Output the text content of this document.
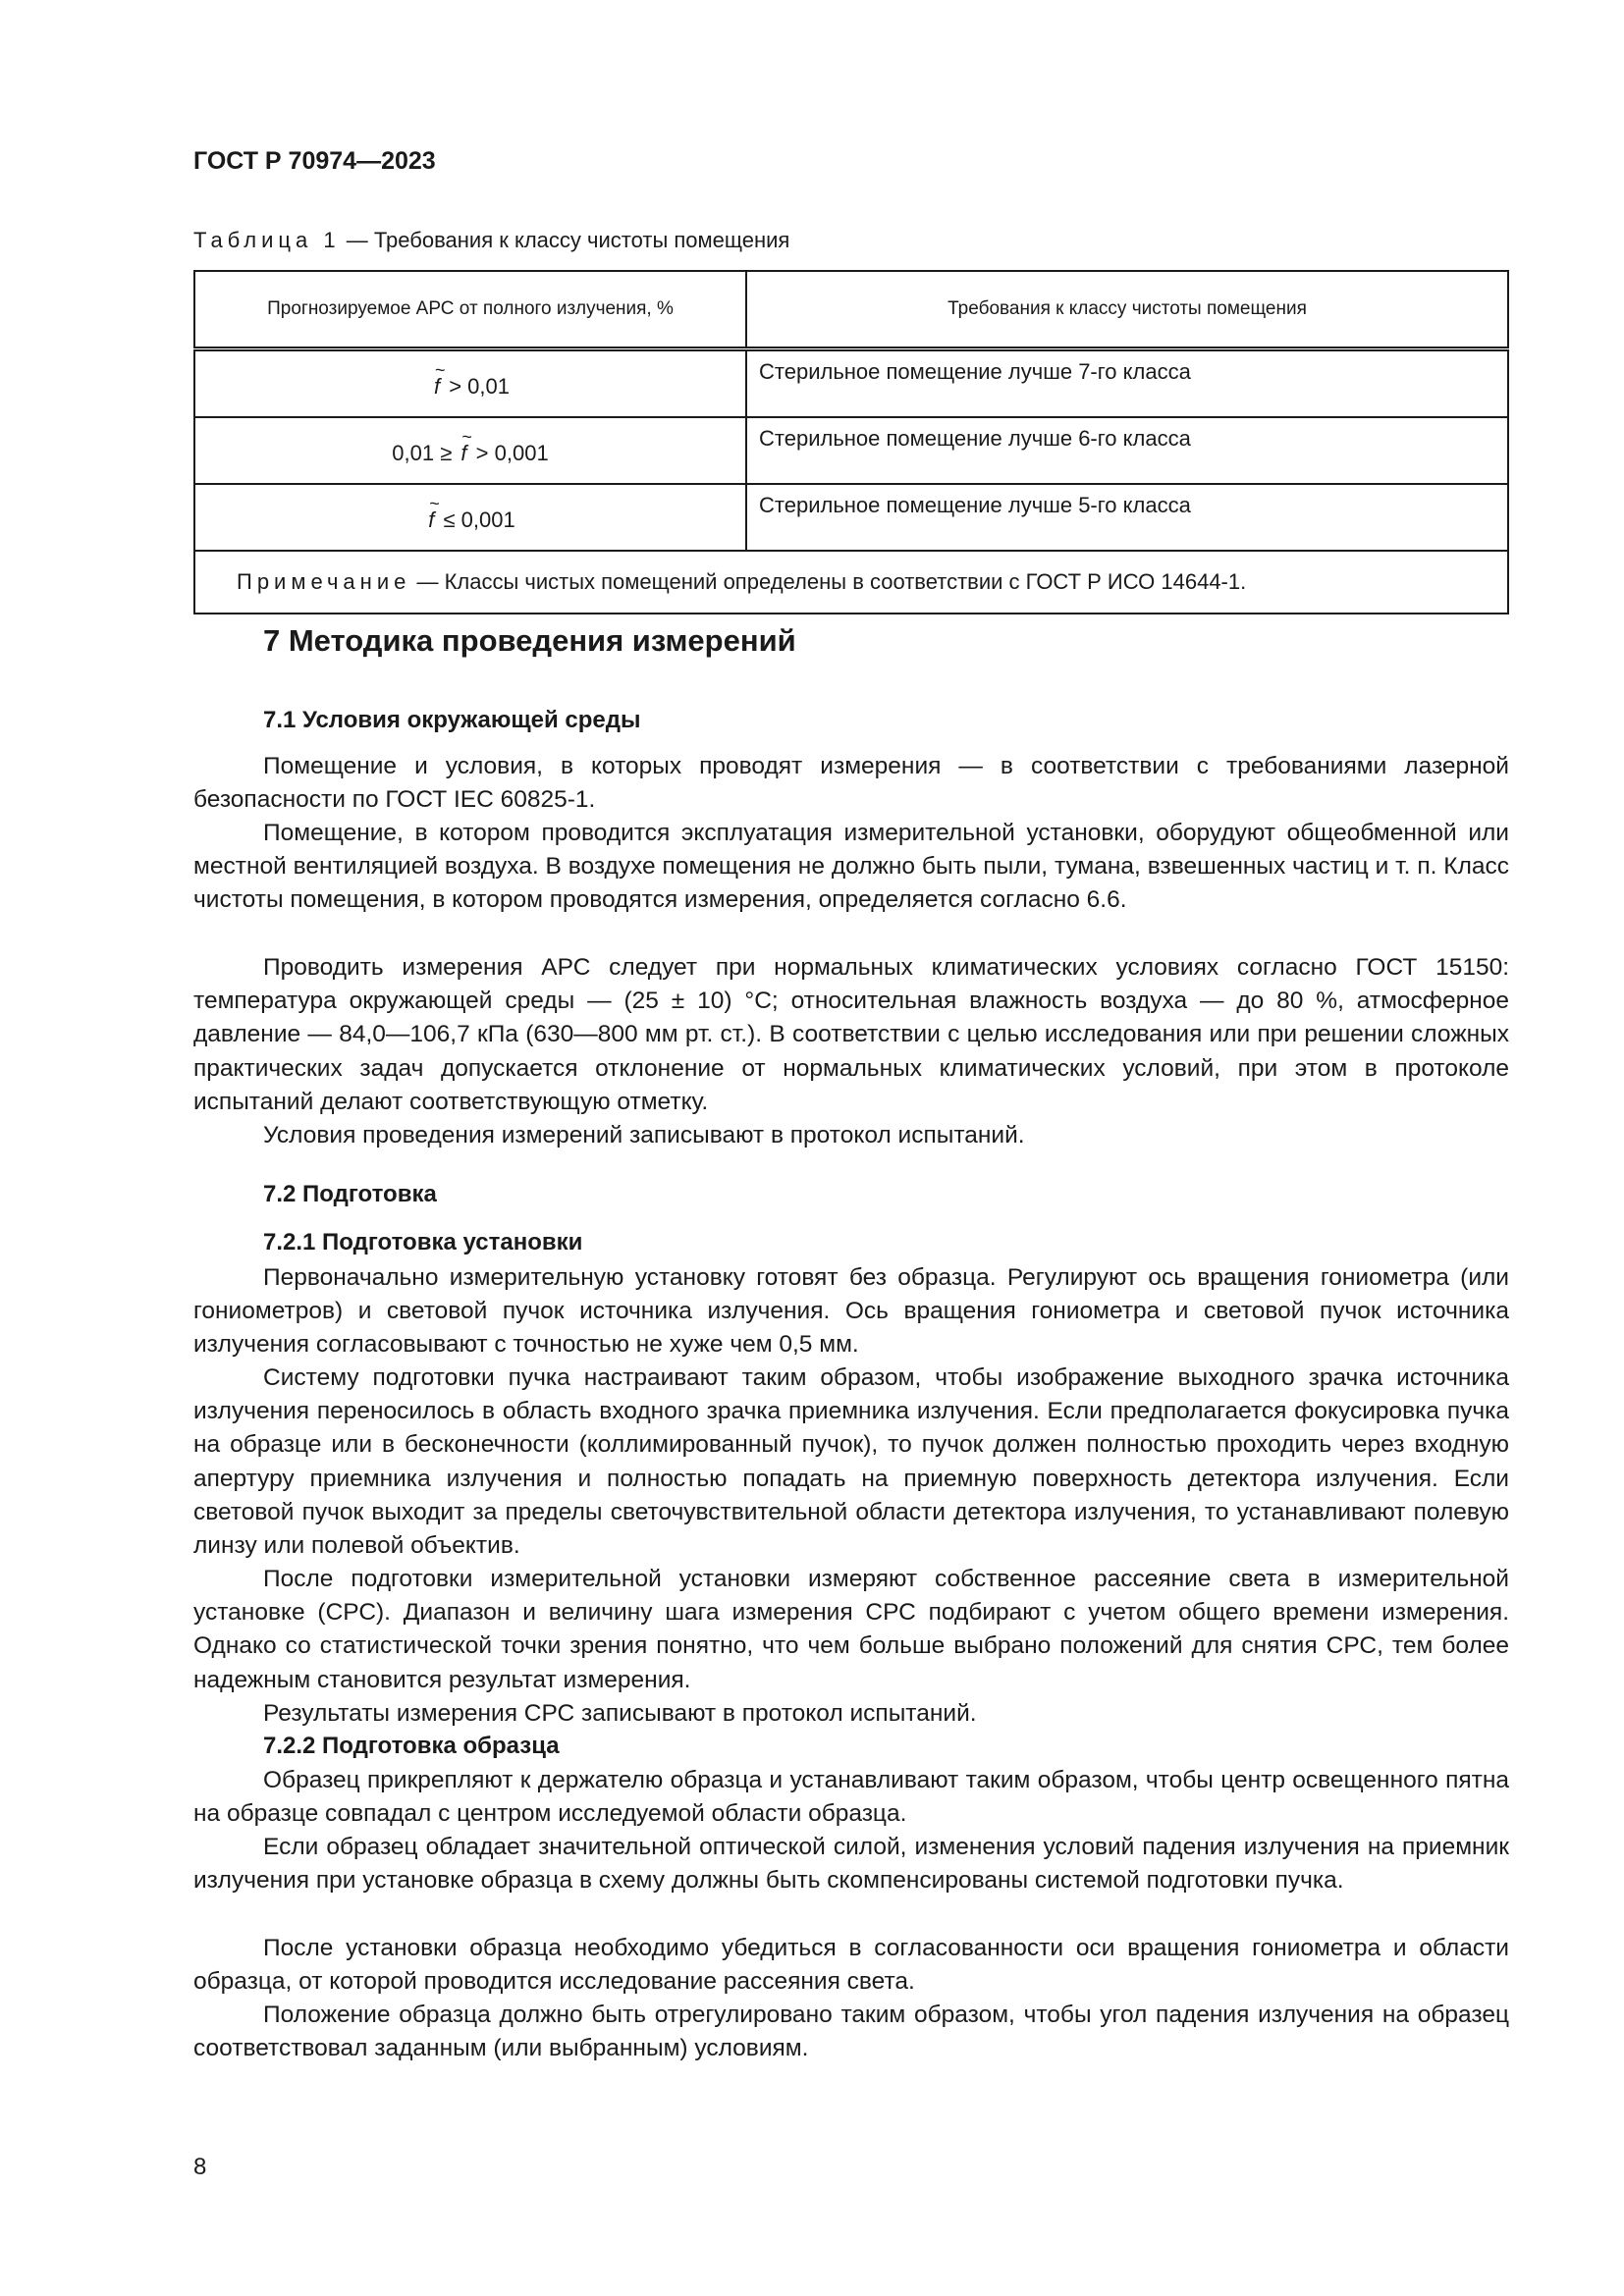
ГОСТ Р 70974—2023
Таблица 1 — Требования к классу чистоты помещения
Прогнозируемое АРС от полного излучения, %	Требования к классу чистоты помещения
~ f > 0,01	Стерильное помещение лучше 7-го класса
0,01 ≥ ~ f > 0,001	Стерильное помещение лучше 6-го класса
~ f ≤ 0,001	Стерильное помещение лучше 5-го класса
Примечание — Классы чистых помещений определены в соответствии с ГОСТ Р ИСО 14644-1.	
7 Методика проведения измерений
7.1 Условия окружающей среды
Помещение и условия, в которых проводят измерения — в соответствии с требованиями лазерной безопасности по ГОСТ IEC 60825-1.
Помещение, в котором проводится эксплуатация измерительной установки, оборудуют общеобменной или местной вентиляцией воздуха. В воздухе помещения не должно быть пыли, тумана, взвешенных частиц и т. п. Класс чистоты помещения, в котором проводятся измерения, определяется согласно 6.6.
Проводить измерения АРС следует при нормальных климатических условиях согласно ГОСТ 15150: температура окружающей среды — (25 ± 10) °С; относительная влажность воздуха — до 80 %, атмосферное давление — 84,0—106,7 кПа (630—800 мм рт. ст.). В соответствии с целью исследования или при решении сложных практических задач допускается отклонение от нормальных климатических условий, при этом в протоколе испытаний делают соответствующую отметку.
Условия проведения измерений записывают в протокол испытаний.
7.2 Подготовка
7.2.1 Подготовка установки
Первоначально измерительную установку готовят без образца. Регулируют ось вращения гониометра (или гониометров) и световой пучок источника излучения. Ось вращения гониометра и световой пучок источника излучения согласовывают с точностью не хуже чем 0,5 мм.
Систему подготовки пучка настраивают таким образом, чтобы изображение выходного зрачка источника излучения переносилось в область входного зрачка приемника излучения. Если предполагается фокусировка пучка на образце или в бесконечности (коллимированный пучок), то пучок должен полностью проходить через входную апертуру приемника излучения и полностью попадать на приемную поверхность детектора излучения. Если световой пучок выходит за пределы светочувствительной области детектора излучения, то устанавливают полевую линзу или полевой объектив.
После подготовки измерительной установки измеряют собственное рассеяние света в измерительной установке (СРС). Диапазон и величину шага измерения СРС подбирают с учетом общего времени измерения. Однако со статистической точки зрения понятно, что чем больше выбрано положений для снятия СРС, тем более надежным становится результат измерения.
Результаты измерения СРС записывают в протокол испытаний.
7.2.2 Подготовка образца
Образец прикрепляют к держателю образца и устанавливают таким образом, чтобы центр освещенного пятна на образце совпадал с центром исследуемой области образца.
Если образец обладает значительной оптической силой, изменения условий падения излучения на приемник излучения при установке образца в схему должны быть скомпенсированы системой подготовки пучка.
После установки образца необходимо убедиться в согласованности оси вращения гониометра и области образца, от которой проводится исследование рассеяния света.
Положение образца должно быть отрегулировано таким образом, чтобы угол падения излучения на образец соответствовал заданным (или выбранным) условиям.
8
